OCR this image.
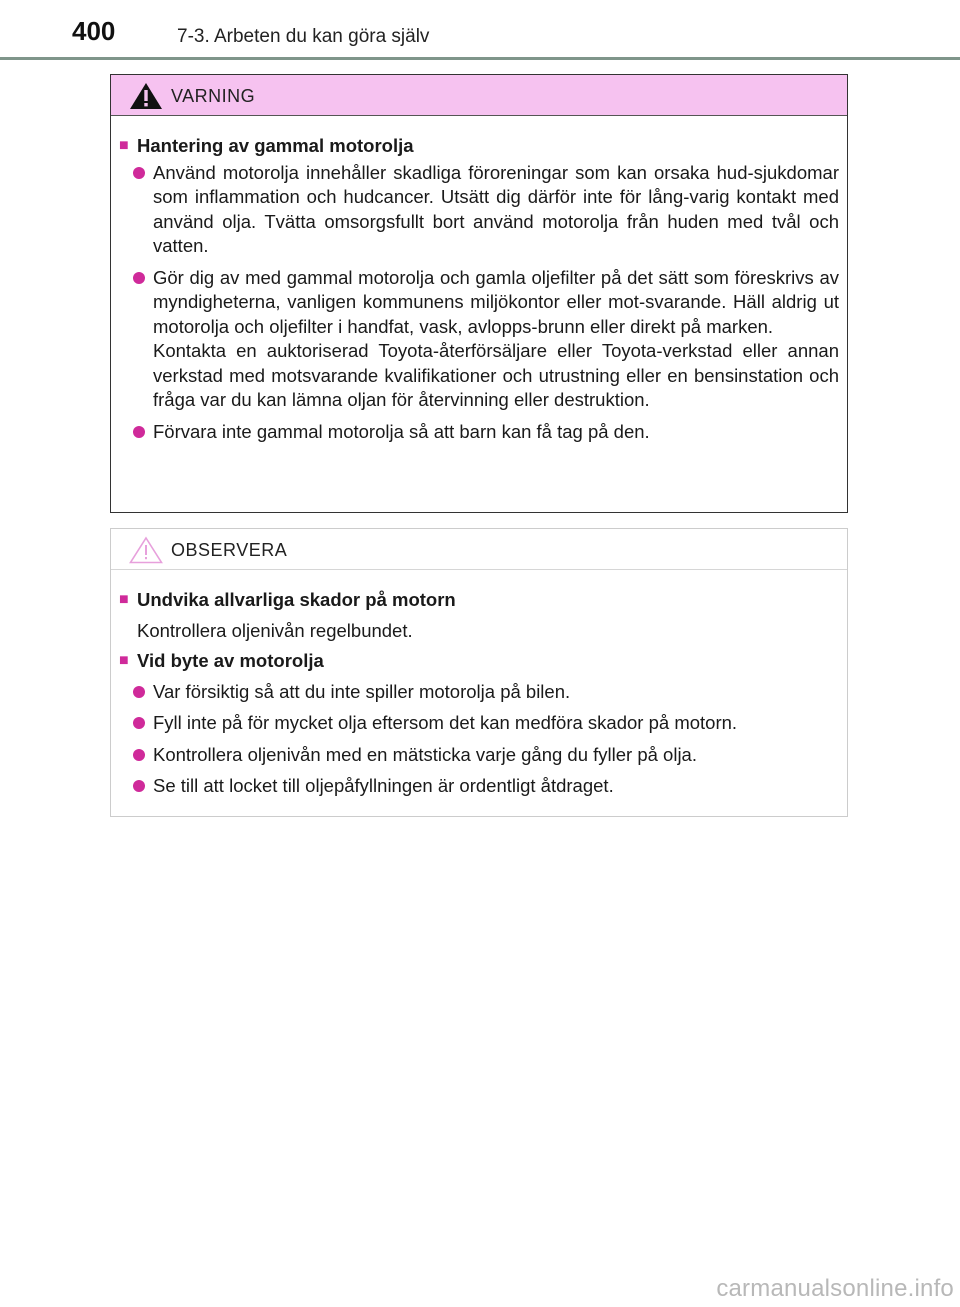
400	7-3. Arbeten du kan göra själv
VARNING
■ Hantering av gammal motorolja

Använd motorolja innehåller skadliga föroreningar som kan orsaka hud-sjukdomar som inflammation och hudcancer. Utsätt dig därför inte för lång-varig kontakt med använd olja. Tvätta omsorgsfullt bort använd motorolja från huden med tvål och vatten.

Gör dig av med gammal motorolja och gamla oljefilter på det sätt som föreskrivs av myndigheterna, vanligen kommunens miljökontor eller mot-svarande. Häll aldrig ut motorolja och oljefilter i handfat, vask, avlopps-brunn eller direkt på marken.

Kontakta en auktoriserad Toyota-återförsäljare eller Toyota-verkstad eller annan verkstad med motsvarande kvalifikationer och utrustning eller en bensinstation och fråga var du kan lämna oljan för återvinning eller destruktion.

Förvara inte gammal motorolja så att barn kan få tag på den.

OBSERVERA
■ Undvika allvarliga skador på motorn
Kontrollera oljenivån regelbundet.
■ Vid byte av motorolja
Var försiktig så att du inte spiller motorolja på bilen.
Fyll inte på för mycket olja eftersom det kan medföra skador på motorn.
Kontrollera oljenivån med en mätsticka varje gång du fyller på olja.
Se till att locket till oljepåfyllningen är ordentligt åtdraget.
carmanualsonline.info
